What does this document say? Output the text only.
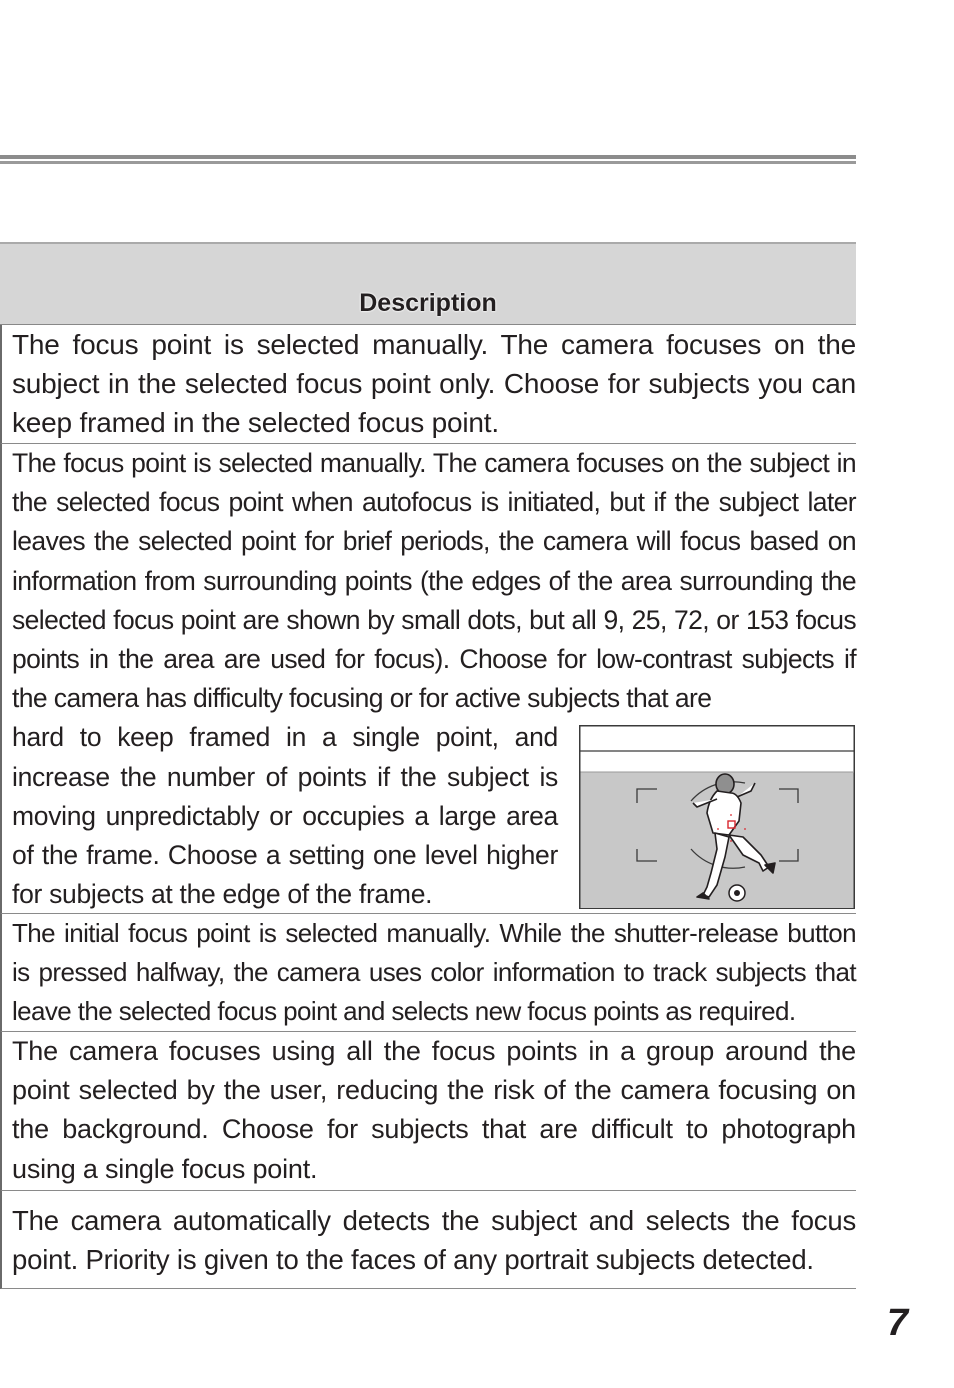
Description

The focus point is selected manually. The camera focuses on the subject in the selected focus point only. Choose for subjects you can keep framed in the selected focus point.

The focus point is selected manually. The camera focuses on the subject in the selected focus point when autofocus is initiated, but if the subject later leaves the selected point for brief periods, the camera will focus based on information from surrounding points (the edges of the area surrounding the selected focus point are shown by small dots, but all 9, 25, 72, or 153 focus points in the area are used for focus). Choose for low-contrast subjects if the camera has difficulty focusing or for active subjects that are

hard to keep framed in a single point, and increase the number of points if the subject is moving unpredictably or occupies a large area of the frame. Choose a setting one level higher for subjects at the edge of the frame.

The initial focus point is selected manually. While the shutter-release button is pressed halfway, the camera uses color information to track subjects that leave the selected focus point and selects new focus points as required.

The camera focuses using all the focus points in a group around the point selected by the user, reducing the risk of the camera focusing on the background. Choose for subjects that are difficult to photograph using a single focus point.

The camera automatically detects the subject and selects the focus point. Priority is given to the faces of any portrait subjects detected.

7
